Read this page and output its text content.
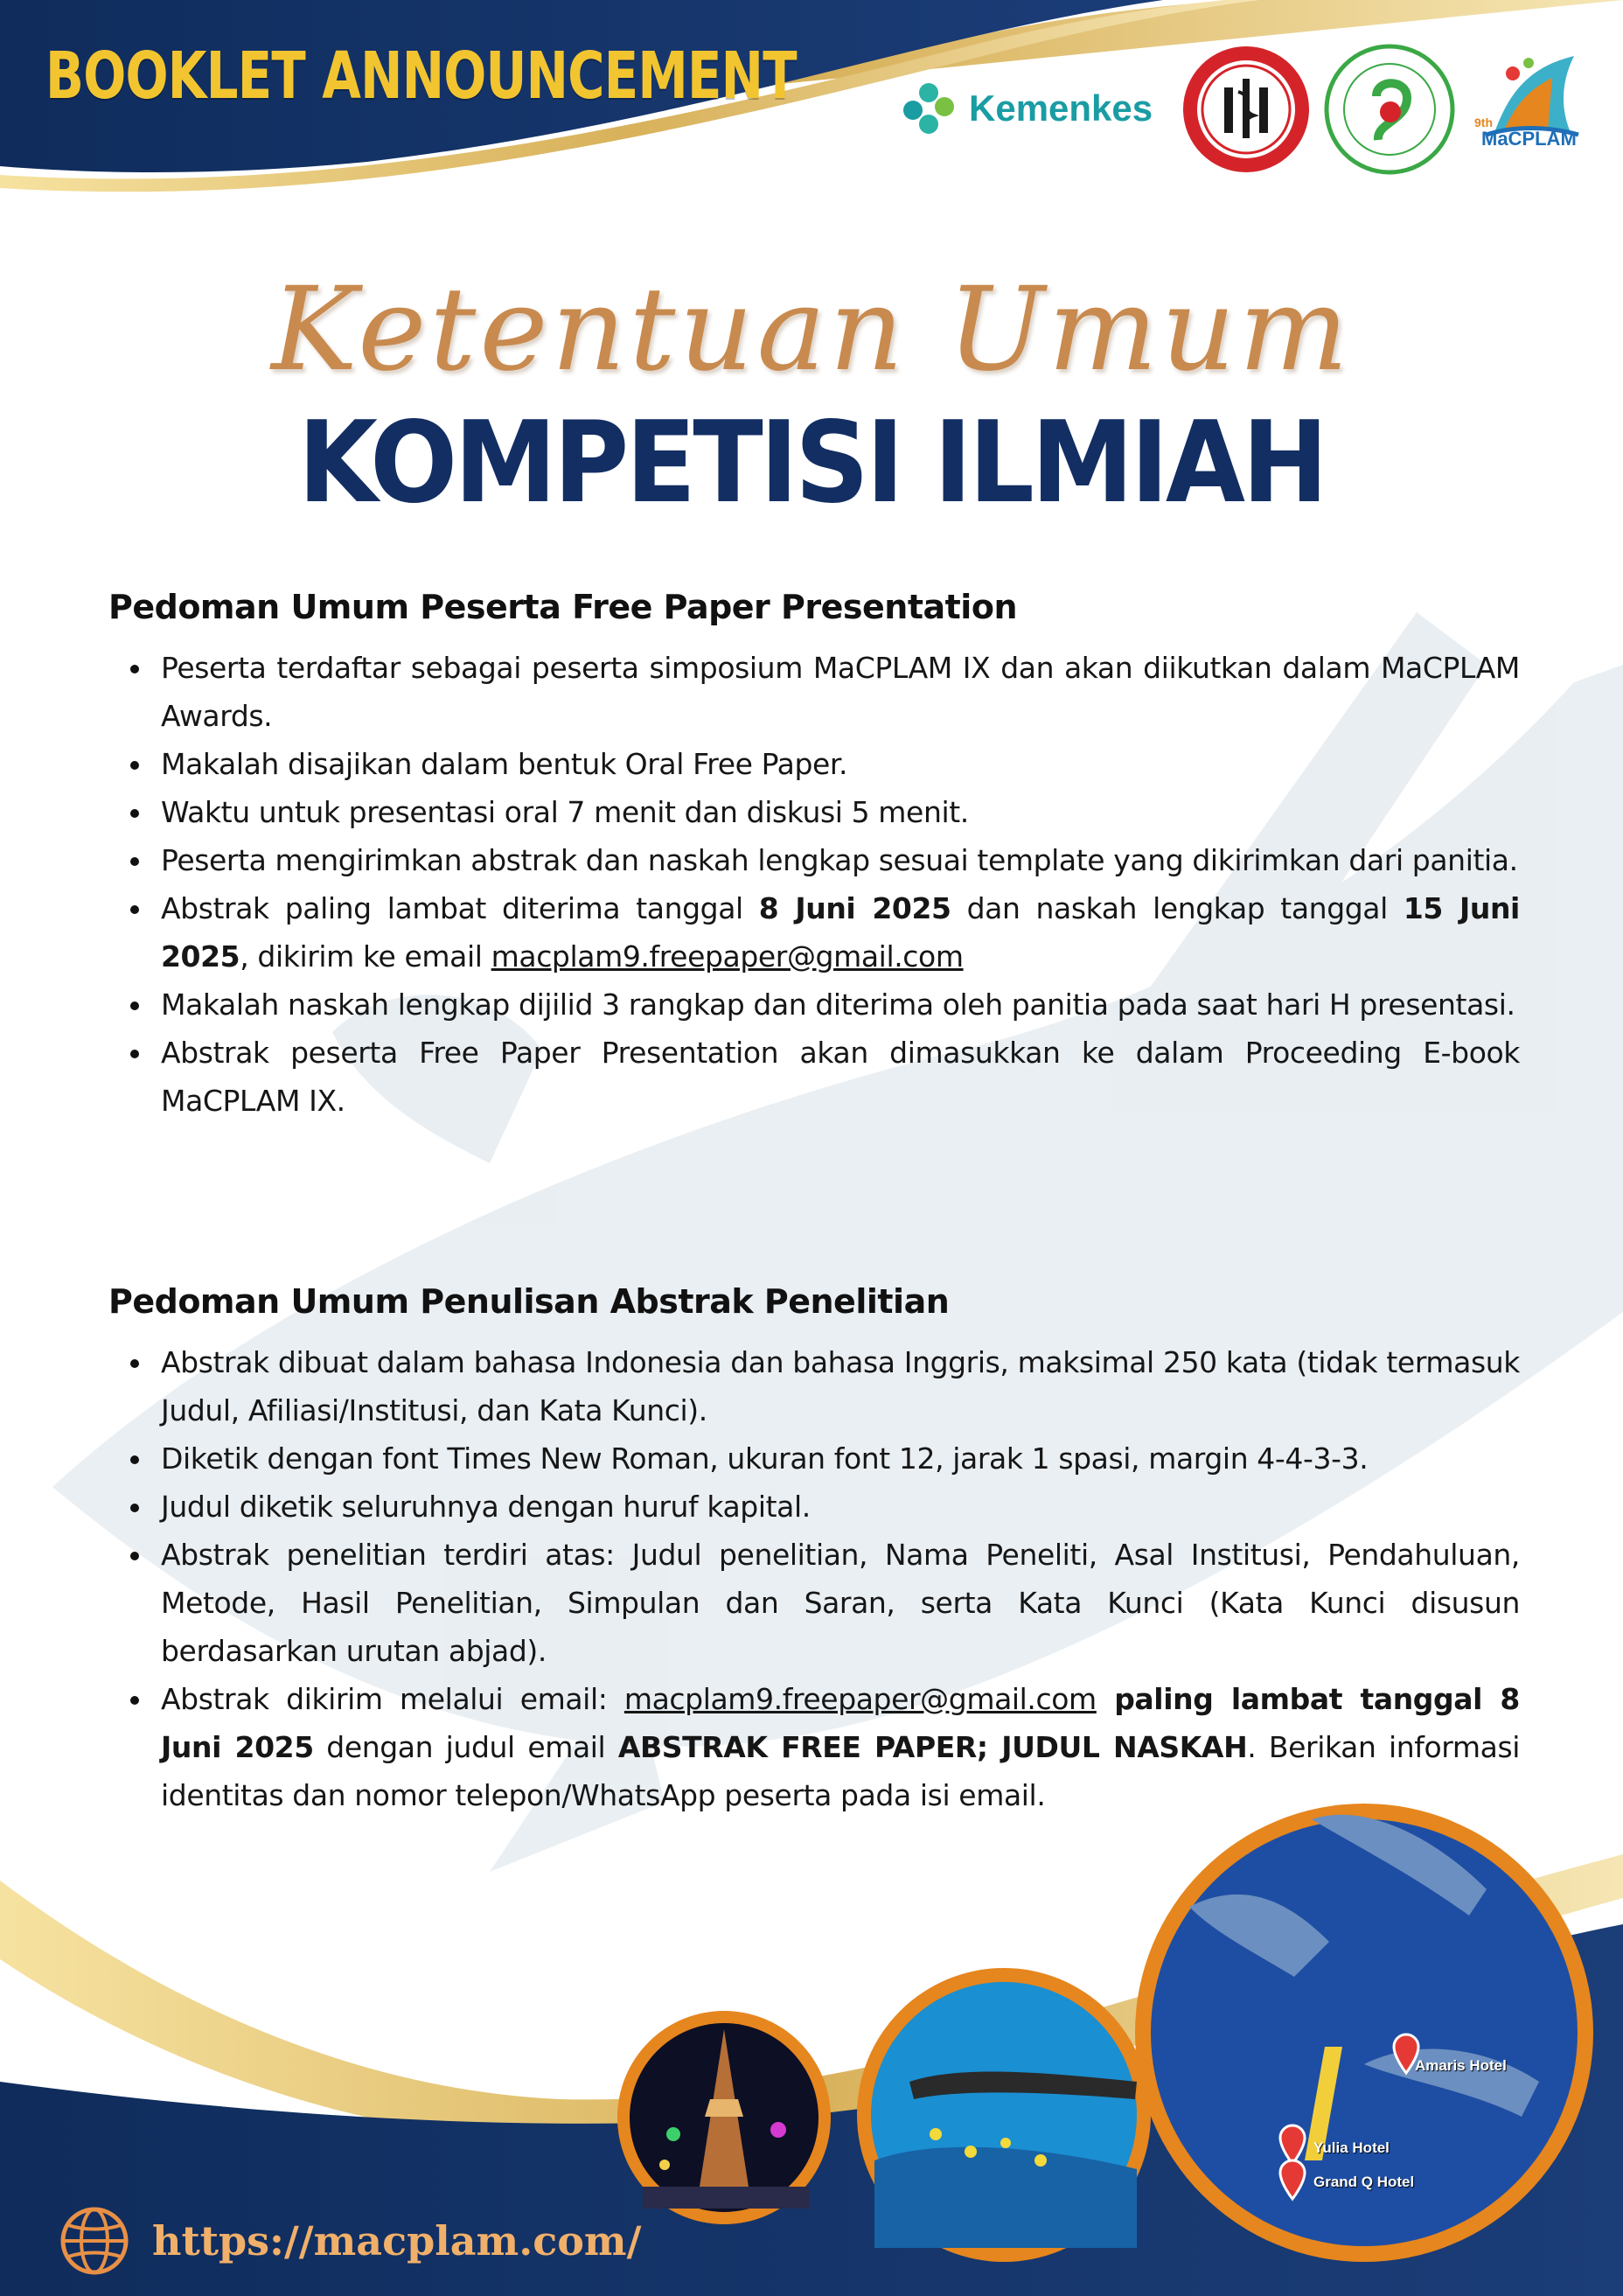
BOOKLET ANNOUNCEMENT	Kemenkes	9th
MaCPLAM
Ketentuan Umum
KOMPETISI ILMIAH
Pedoman Umum Peserta Free Paper Presentation
Peserta terdaftar sebagai peserta simposium MaCPLAM IX dan akan diikutkan dalam MaCPLAM Awards.
Makalah disajikan dalam bentuk Oral Free Paper.
Waktu untuk presentasi oral 7 menit dan diskusi 5 menit.
Peserta mengirimkan abstrak dan naskah lengkap sesuai template yang dikirimkan dari panitia.
Abstrak paling lambat diterima tanggal 8 Juni 2025 dan naskah lengkap tanggal 15 Juni 2025, dikirim ke email macplam9.freepaper@gmail.com
Makalah naskah lengkap dijilid 3 rangkap dan diterima oleh panitia pada saat hari H presentasi.
Abstrak peserta Free Paper Presentation akan dimasukkan ke dalam Proceeding E-book MaCPLAM IX.
Pedoman Umum Penulisan Abstrak Penelitian
Abstrak dibuat dalam bahasa Indonesia dan bahasa Inggris, maksimal 250 kata (tidak termasuk Judul, Afiliasi/Institusi, dan Kata Kunci).
Diketik dengan font Times New Roman, ukuran font 12, jarak 1 spasi, margin 4-4-3-3.
Judul diketik seluruhnya dengan huruf kapital.
Abstrak penelitian terdiri atas: Judul penelitian, Nama Peneliti, Asal Institusi, Pendahuluan, Metode, Hasil Penelitian, Simpulan dan Saran, serta Kata Kunci (Kata Kunci disusun berdasarkan urutan abjad).
Abstrak dikirim melalui email: macplam9.freepaper@gmail.com paling lambat tanggal 8 Juni 2025 dengan judul email ABSTRAK FREE PAPER; JUDUL NASKAH. Berikan informasi identitas dan nomor telepon/WhatsApp peserta pada isi email.
Amaris Hotel
Yulia Hotel
Grand Q Hotel
https://macplam.com/
